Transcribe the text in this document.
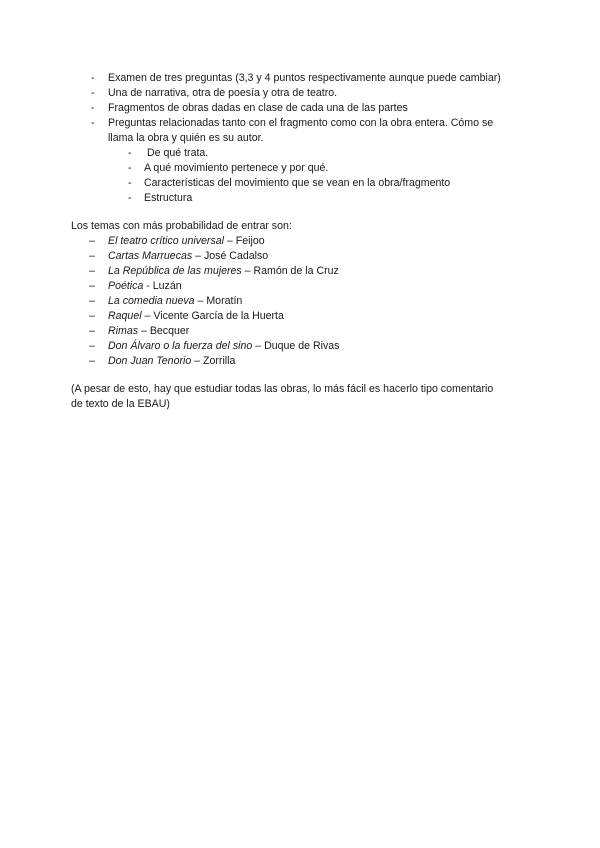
- Examen de tres preguntas (3,3 y 4 puntos respectivamente aunque puede cambiar)
- Una de narrativa, otra de poesía y otra de teatro.
- Fragmentos de obras dadas en clase de cada una de las partes
- Preguntas relacionadas tanto con el fragmento como con la obra entera. Cómo se
llama la obra y quién es su autor.
- De qué trata.
- A qué movimiento pertenece y por qué.
- Características del movimiento que se vean en la obra/fragmento
- Estructura
Los temas con más probabilidad de entrar son:
– El teatro crítico universal – Feijoo
– Cartas Marruecas – José Cadalso
– La República de las mujeres – Ramón de la Cruz
– Poética - Luzán
– La comedia nueva – Moratín
– Raquel – Vicente García de la Huerta
– Rimas – Becquer
– Don Álvaro o la fuerza del sino – Duque de Rivas
– Don Juan Tenorio – Zorrilla
(A pesar de esto, hay que estudiar todas las obras, lo más fácil es hacerlo tipo comentario
de texto de la EBAU)
